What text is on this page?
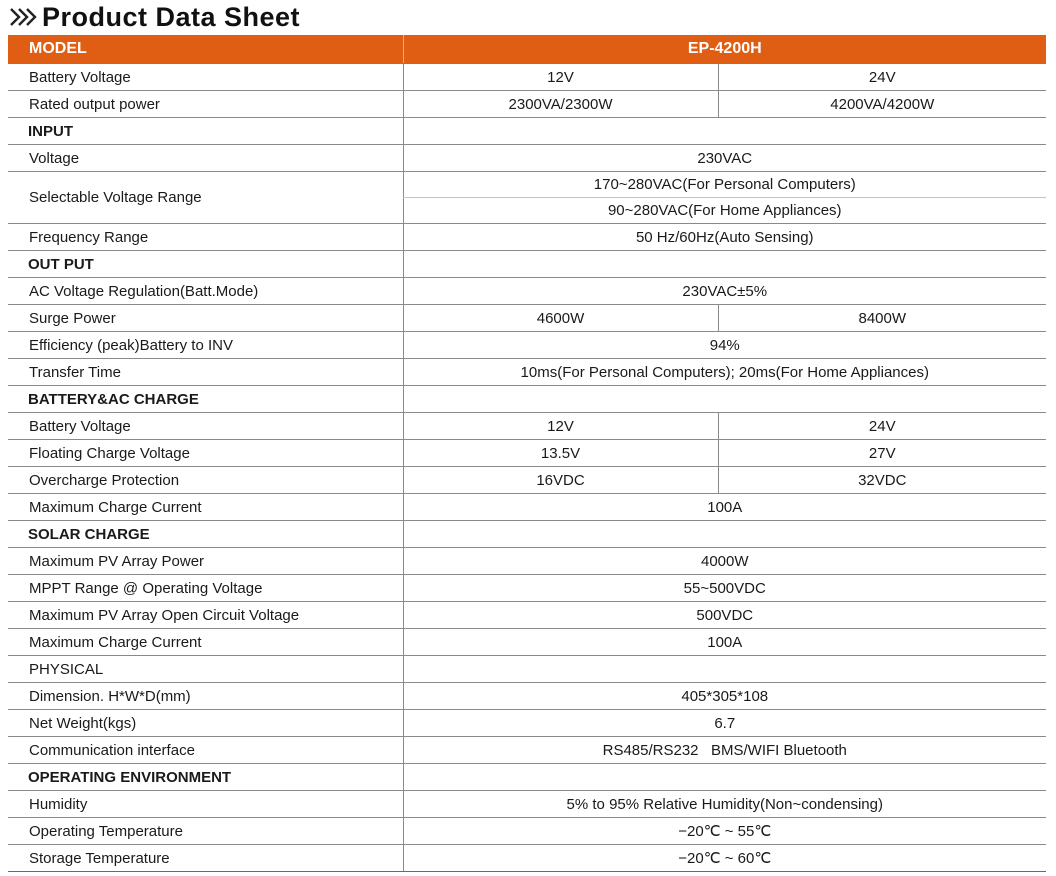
Product Data Sheet
MODEL	EP-4200H	
Battery Voltage	12V	24V
Rated output power	2300VA/2300W	4200VA/4200W
INPUT		
Voltage	230VAC	
Selectable Voltage Range	170~280VAC(For Personal Computers)	
	90~280VAC(For Home Appliances)	
Frequency Range	50 Hz/60Hz(Auto Sensing)	
OUT PUT		
AC Voltage Regulation(Batt.Mode)	230VAC±5%	
Surge Power	4600W	8400W
Efficiency (peak)Battery to INV	94%	
Transfer Time	10ms(For Personal Computers); 20ms(For Home Appliances)	
BATTERY&AC CHARGE		
Battery Voltage	12V	24V
Floating Charge Voltage	13.5V	27V
Overcharge Protection	16VDC	32VDC
Maximum Charge Current	100A	
SOLAR CHARGE		
Maximum PV Array Power	4000W	
MPPT Range @ Operating Voltage	55~500VDC	
Maximum PV Array Open Circuit Voltage	500VDC	
Maximum Charge Current	100A	
PHYSICAL		
Dimension. H*W*D(mm)	405*305*108	
Net Weight(kgs)	6.7	
Communication interface	RS485/RS232   BMS/WIFI Bluetooth	
OPERATING ENVIRONMENT		
Humidity	5% to 95% Relative Humidity(Non~condensing)	
Operating Temperature	−20℃ ~ 55℃	
Storage Temperature	−20℃ ~ 60℃	
